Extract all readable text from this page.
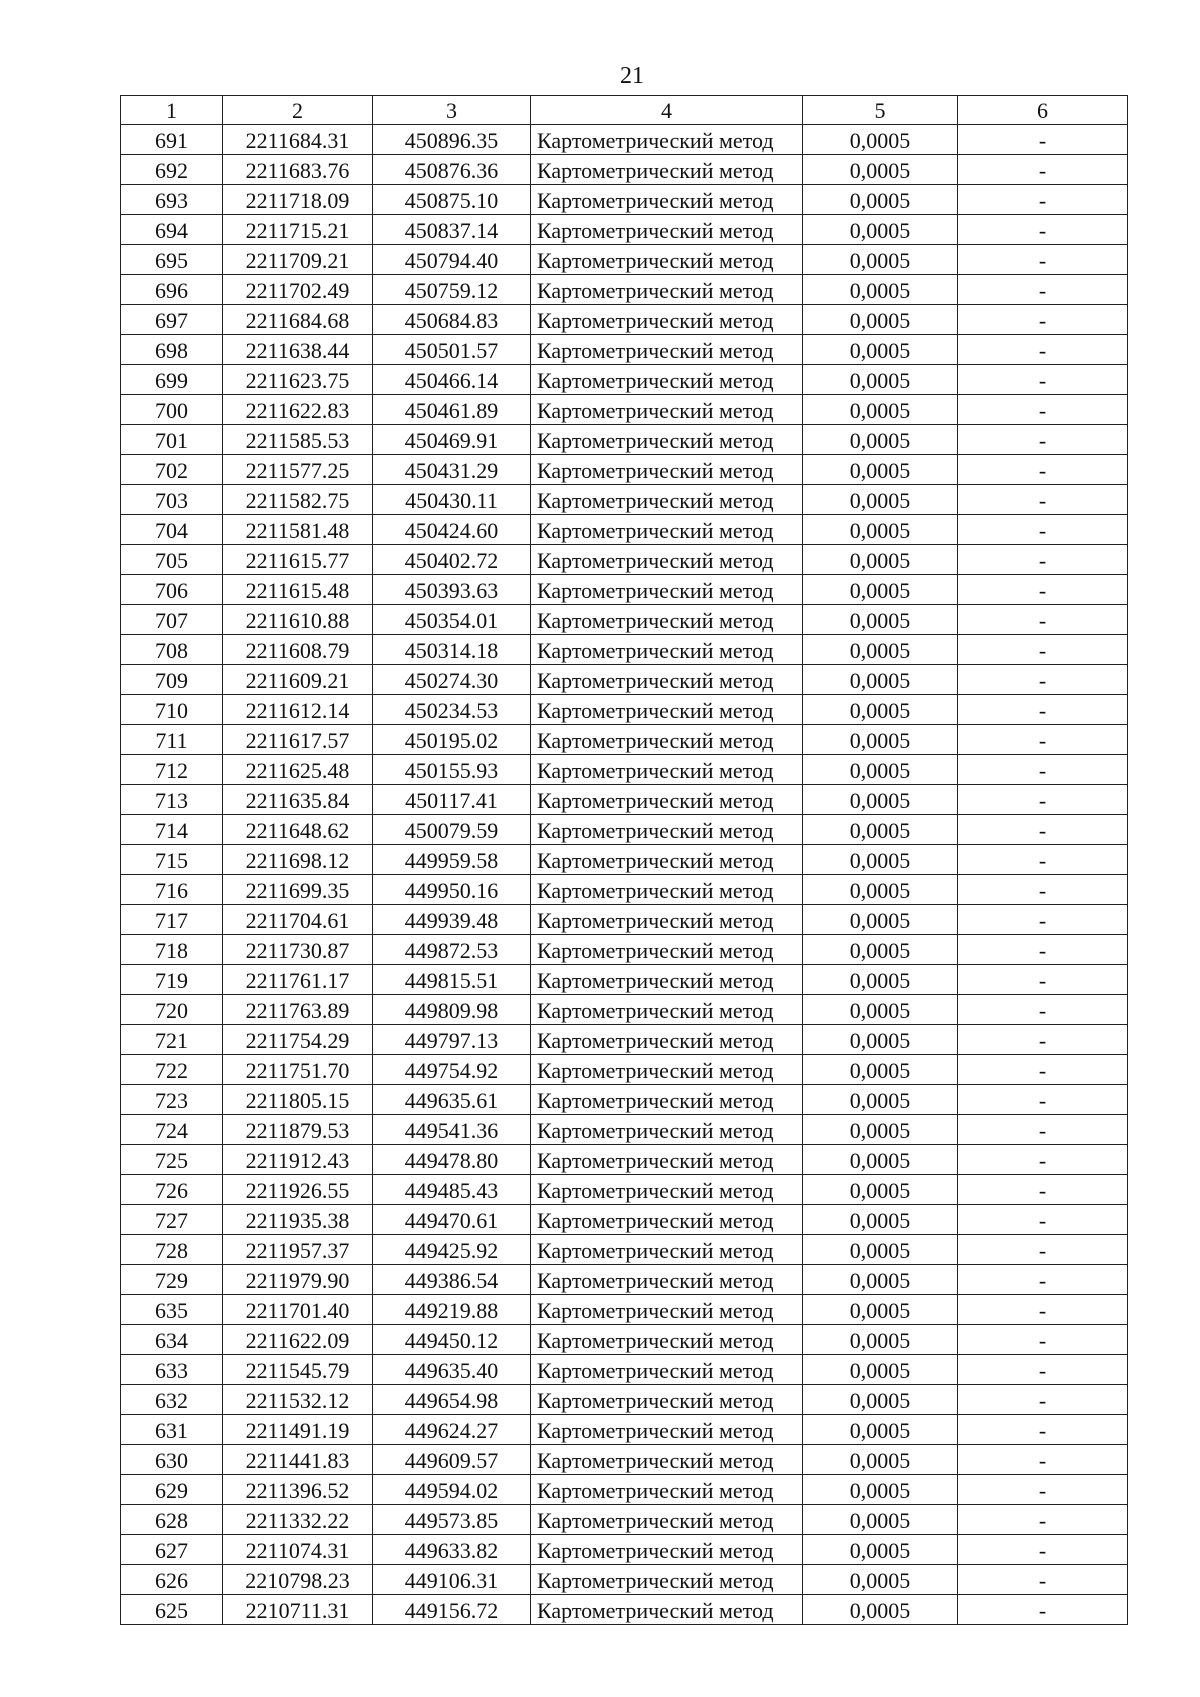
21
1	2	3	4	5	6
691	2211684.31	450896.35	Картометрический метод	0,0005	-
692	2211683.76	450876.36	Картометрический метод	0,0005	-
693	2211718.09	450875.10	Картометрический метод	0,0005	-
694	2211715.21	450837.14	Картометрический метод	0,0005	-
695	2211709.21	450794.40	Картометрический метод	0,0005	-
696	2211702.49	450759.12	Картометрический метод	0,0005	-
697	2211684.68	450684.83	Картометрический метод	0,0005	-
698	2211638.44	450501.57	Картометрический метод	0,0005	-
699	2211623.75	450466.14	Картометрический метод	0,0005	-
700	2211622.83	450461.89	Картометрический метод	0,0005	-
701	2211585.53	450469.91	Картометрический метод	0,0005	-
702	2211577.25	450431.29	Картометрический метод	0,0005	-
703	2211582.75	450430.11	Картометрический метод	0,0005	-
704	2211581.48	450424.60	Картометрический метод	0,0005	-
705	2211615.77	450402.72	Картометрический метод	0,0005	-
706	2211615.48	450393.63	Картометрический метод	0,0005	-
707	2211610.88	450354.01	Картометрический метод	0,0005	-
708	2211608.79	450314.18	Картометрический метод	0,0005	-
709	2211609.21	450274.30	Картометрический метод	0,0005	-
710	2211612.14	450234.53	Картометрический метод	0,0005	-
711	2211617.57	450195.02	Картометрический метод	0,0005	-
712	2211625.48	450155.93	Картометрический метод	0,0005	-
713	2211635.84	450117.41	Картометрический метод	0,0005	-
714	2211648.62	450079.59	Картометрический метод	0,0005	-
715	2211698.12	449959.58	Картометрический метод	0,0005	-
716	2211699.35	449950.16	Картометрический метод	0,0005	-
717	2211704.61	449939.48	Картометрический метод	0,0005	-
718	2211730.87	449872.53	Картометрический метод	0,0005	-
719	2211761.17	449815.51	Картометрический метод	0,0005	-
720	2211763.89	449809.98	Картометрический метод	0,0005	-
721	2211754.29	449797.13	Картометрический метод	0,0005	-
722	2211751.70	449754.92	Картометрический метод	0,0005	-
723	2211805.15	449635.61	Картометрический метод	0,0005	-
724	2211879.53	449541.36	Картометрический метод	0,0005	-
725	2211912.43	449478.80	Картометрический метод	0,0005	-
726	2211926.55	449485.43	Картометрический метод	0,0005	-
727	2211935.38	449470.61	Картометрический метод	0,0005	-
728	2211957.37	449425.92	Картометрический метод	0,0005	-
729	2211979.90	449386.54	Картометрический метод	0,0005	-
635	2211701.40	449219.88	Картометрический метод	0,0005	-
634	2211622.09	449450.12	Картометрический метод	0,0005	-
633	2211545.79	449635.40	Картометрический метод	0,0005	-
632	2211532.12	449654.98	Картометрический метод	0,0005	-
631	2211491.19	449624.27	Картометрический метод	0,0005	-
630	2211441.83	449609.57	Картометрический метод	0,0005	-
629	2211396.52	449594.02	Картометрический метод	0,0005	-
628	2211332.22	449573.85	Картометрический метод	0,0005	-
627	2211074.31	449633.82	Картометрический метод	0,0005	-
626	2210798.23	449106.31	Картометрический метод	0,0005	-
625	2210711.31	449156.72	Картометрический метод	0,0005	-
